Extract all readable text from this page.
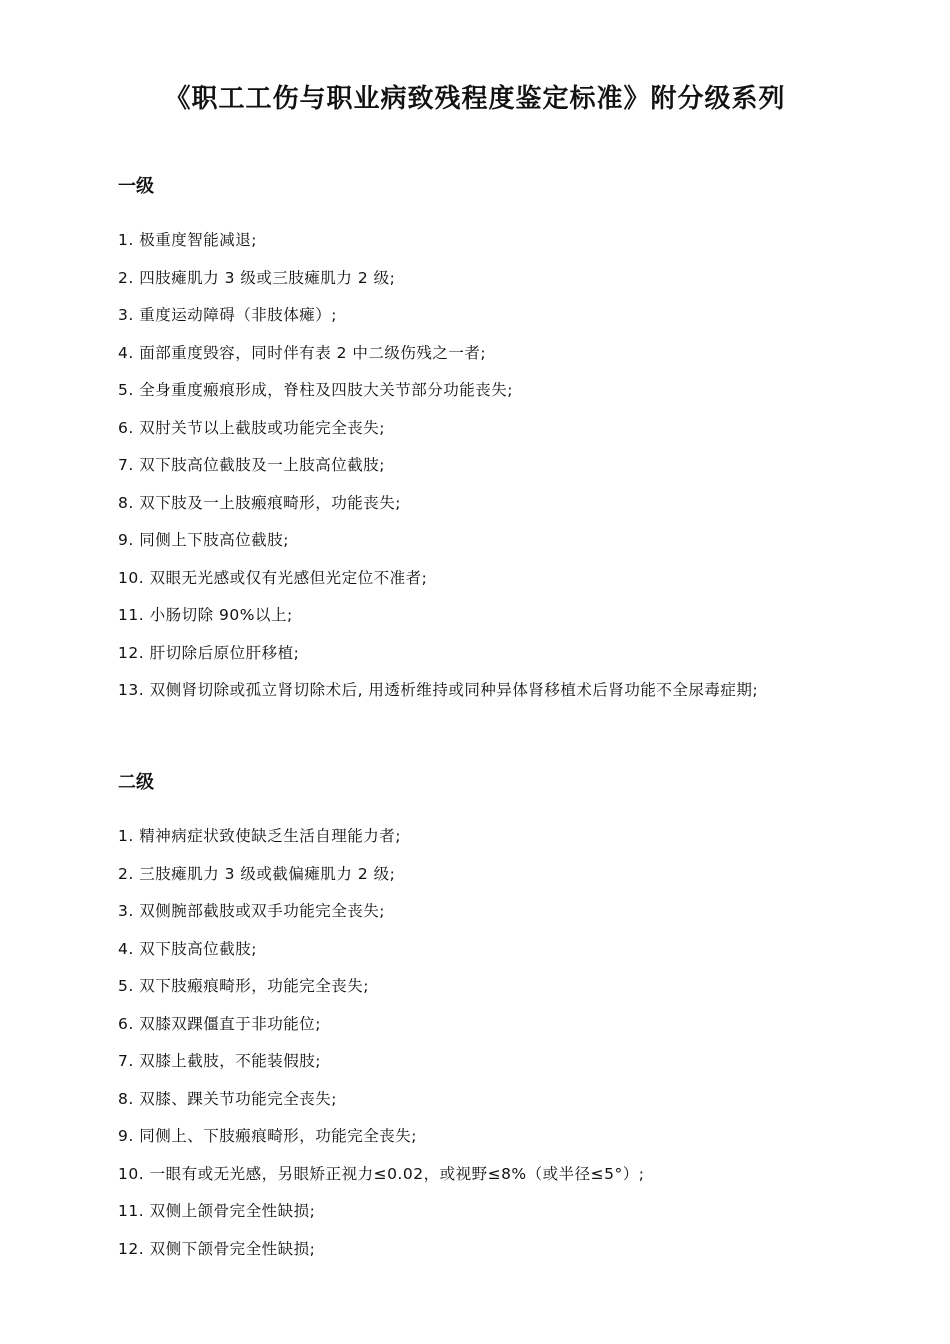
《职工工伤与职业病致残程度鉴定标准》附分级系列
一级
1. 极重度智能减退;
2. 四肢瘫肌力 3 级或三肢瘫肌力 2 级;
3. 重度运动障碍（非肢体瘫）;
4. 面部重度毁容，同时伴有表 2 中二级伤残之一者;
5. 全身重度瘢痕形成，脊柱及四肢大关节部分功能丧失;
6. 双肘关节以上截肢或功能完全丧失;
7. 双下肢高位截肢及一上肢高位截肢;
8. 双下肢及一上肢瘢痕畸形，功能丧失;
9. 同侧上下肢高位截肢;
10. 双眼无光感或仅有光感但光定位不准者;
11. 小肠切除 90%以上;
12. 肝切除后原位肝移植;
13. 双侧肾切除或孤立肾切除术后, 用透析维持或同种异体肾移植术后肾功能不全尿毒症期;
二级
1. 精神病症状致使缺乏生活自理能力者;
2. 三肢瘫肌力 3 级或截偏瘫肌力 2 级;
3. 双侧腕部截肢或双手功能完全丧失;
4. 双下肢高位截肢;
5. 双下肢瘢痕畸形，功能完全丧失;
6. 双膝双踝僵直于非功能位;
7. 双膝上截肢，不能装假肢;
8. 双膝、踝关节功能完全丧失;
9. 同侧上、下肢瘢痕畸形，功能完全丧失;
10. 一眼有或无光感，另眼矫正视力≤0.02，或视野≤8%（或半径≤5°）;
11. 双侧上颌骨完全性缺损;
12. 双侧下颌骨完全性缺损;
